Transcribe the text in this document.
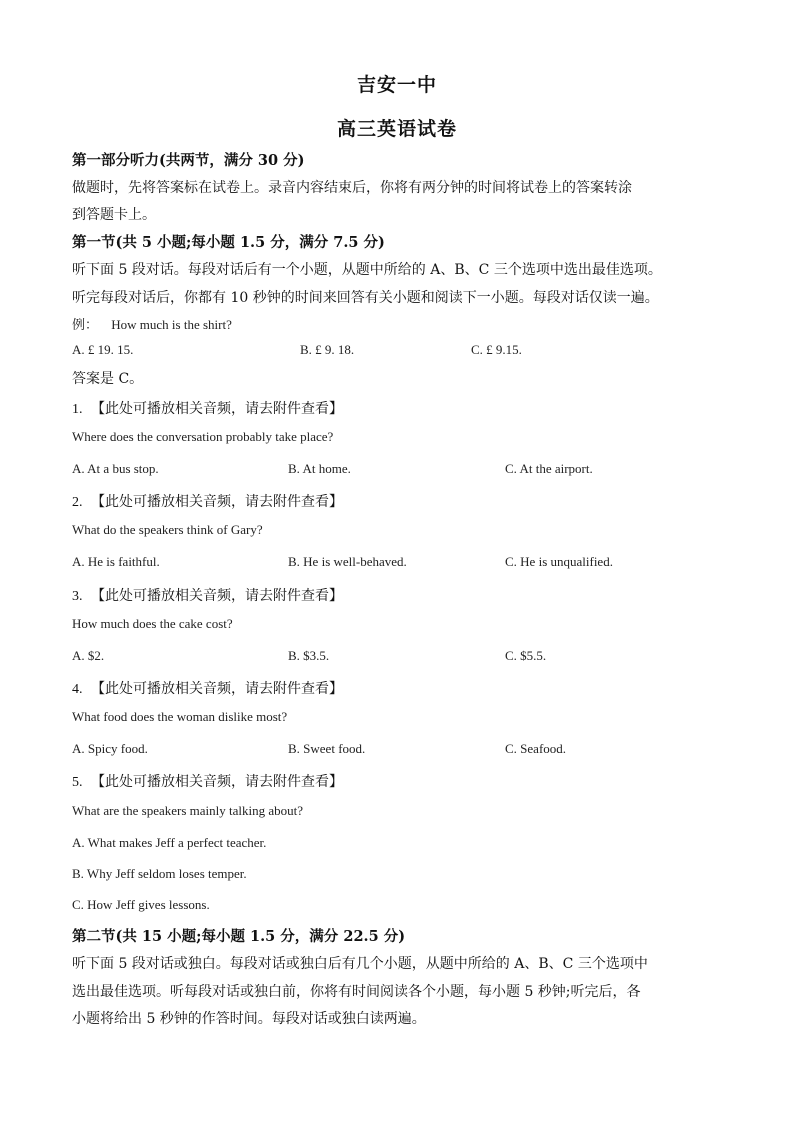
吉安一中
高三英语试卷
第一部分听力(共两节，满分 30 分)
做题时，先将答案标在试卷上。录音内容结束后，你将有两分钟的时间将试卷上的答案转涂
到答题卡上。
第一节(共 5 小题;每小题 1.5 分，满分 7.5 分)
听下面 5 段对话。每段对话后有一个小题，从题中所给的 A、B、C 三个选项中选出最佳选项。
听完每段对话后，你都有 10 秒钟的时间来回答有关小题和阅读下一小题。每段对话仅读一遍。
例： How much is the shirt?
A. £ 19. 15.	B. £ 9. 18.	C. £ 9.15.
答案是 C。
1. 【此处可播放相关音频，请去附件查看】
Where does the conversation probably take place?
A. At a bus stop.	B. At home.	C. At the airport.
2. 【此处可播放相关音频，请去附件查看】
What do the speakers think of Gary?
A. He is faithful.	B. He is well-behaved.	C. He is unqualified.
3. 【此处可播放相关音频，请去附件查看】
How much does the cake cost?
A. $2.	B. $3.5.	C. $5.5.
4. 【此处可播放相关音频，请去附件查看】
What food does the woman dislike most?
A. Spicy food.	B. Sweet food.	C. Seafood.
5. 【此处可播放相关音频，请去附件查看】
What are the speakers mainly talking about?
A. What makes Jeff a perfect teacher.
B. Why Jeff seldom loses temper.
C. How Jeff gives lessons.
第二节(共 15 小题;每小题 1.5 分，满分 22.5 分)
听下面 5 段对话或独白。每段对话或独白后有几个小题，从题中所给的 A、B、C 三个选项中
选出最佳选项。听每段对话或独白前，你将有时间阅读各个小题，每小题 5 秒钟;听完后，各
小题将给出 5 秒钟的作答时间。每段对话或独白读两遍。
